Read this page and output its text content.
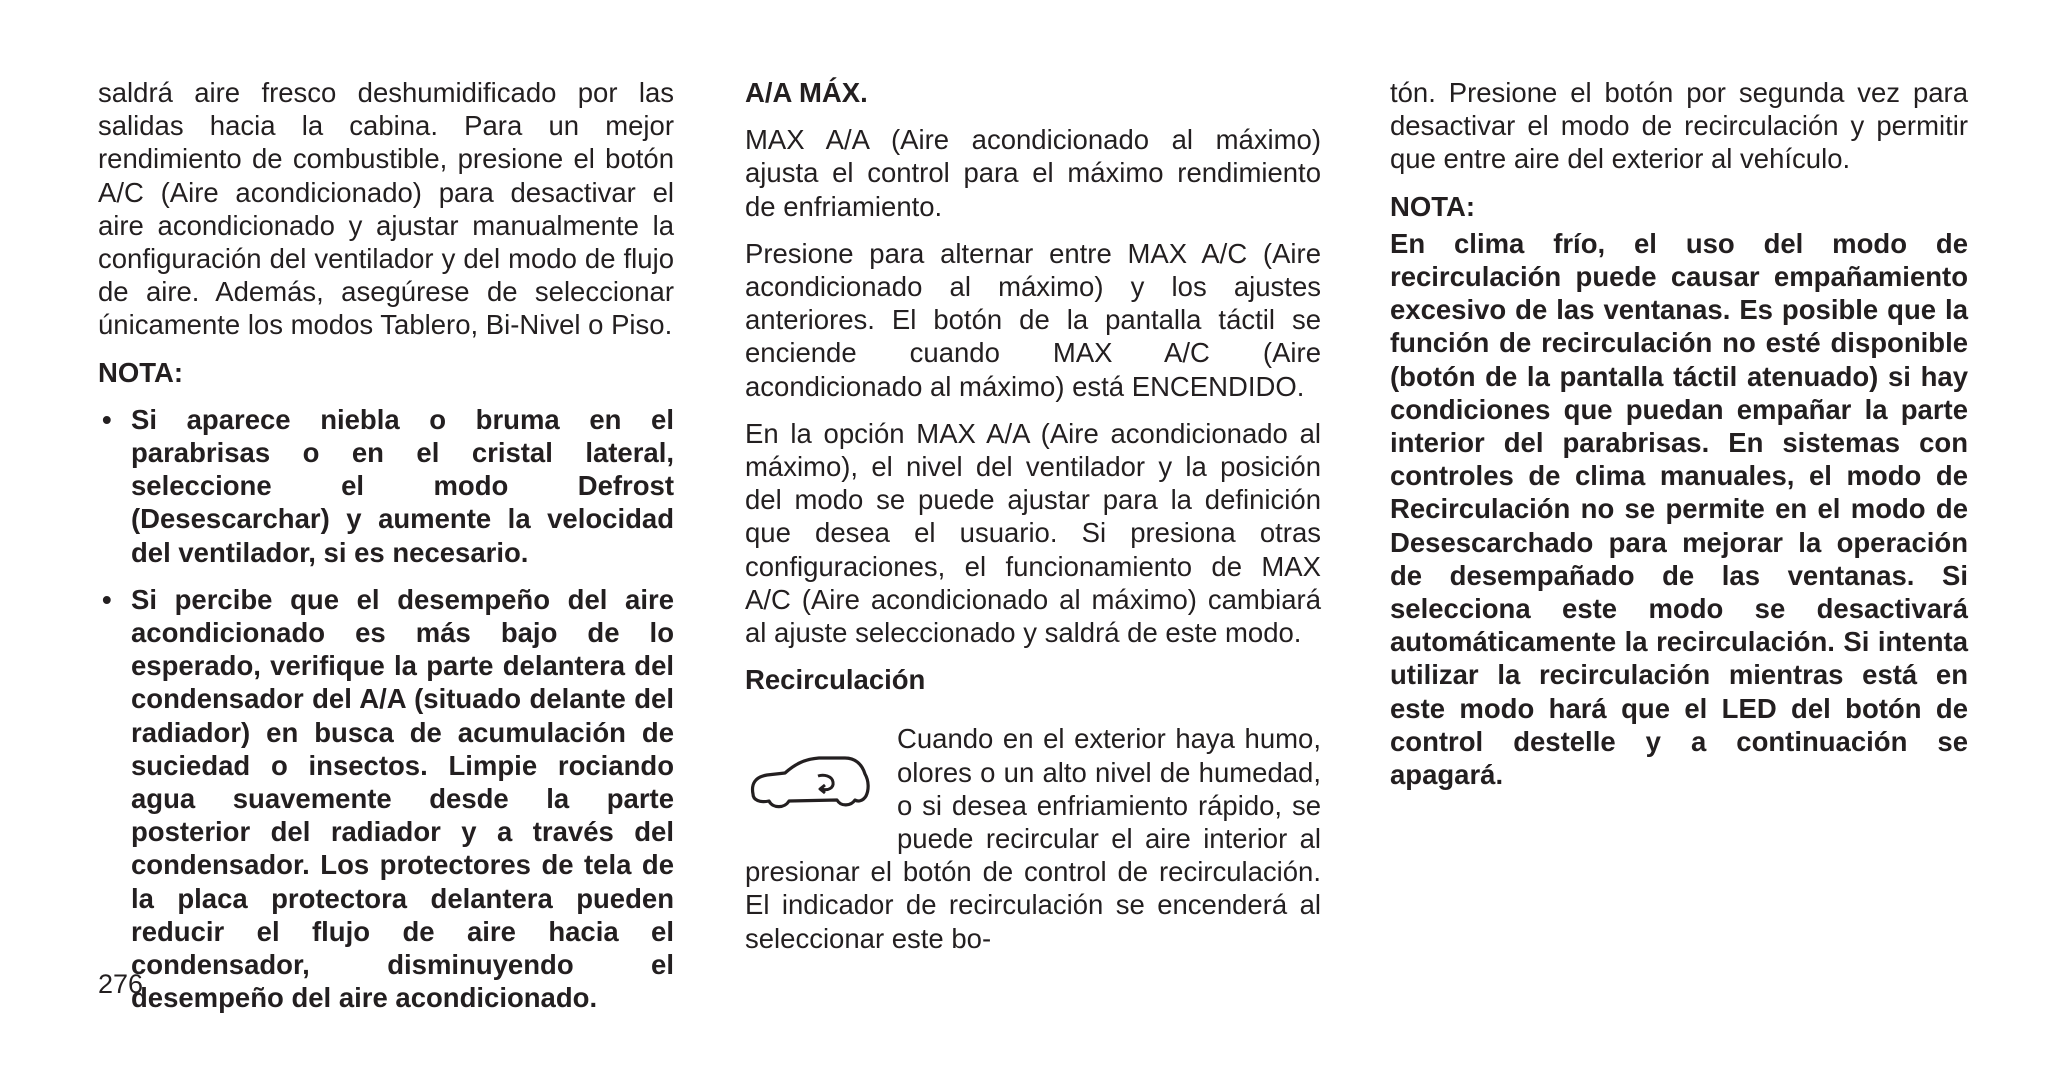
saldrá aire fresco deshumidificado por las salidas hacia la cabina. Para un mejor rendimiento de combustible, presione el botón A/C (Aire acondicionado) para desactivar el aire acondicionado y ajustar manualmente la configuración del ventilador y del modo de flujo de aire. Además, asegúrese de seleccionar únicamente los modos Tablero, Bi-Nivel o Piso.

NOTA:
• Si aparece niebla o bruma en el parabrisas o en el cristal lateral, seleccione el modo Defrost (Desescarchar) y aumente la velocidad del ventilador, si es necesario.
• Si percibe que el desempeño del aire acondicionado es más bajo de lo esperado, verifique la parte delantera del condensador del A/A (situado delante del radiador) en busca de acumulación de suciedad o insectos. Limpie rociando agua suavemente desde la parte posterior del radiador y a través del condensador. Los protectores de tela de la placa protectora delantera pueden reducir el flujo de aire hacia el condensador, disminuyendo el desempeño del aire acondicionado.
A/A MÁX.

MAX A/A (Aire acondicionado al máximo) ajusta el control para el máximo rendimiento de enfriamiento.

Presione para alternar entre MAX A/C (Aire acondicionado al máximo) y los ajustes anteriores. El botón de la pantalla táctil se enciende cuando MAX A/C (Aire acondicionado al máximo) está ENCENDIDO.

En la opción MAX A/A (Aire acondicionado al máximo), el nivel del ventilador y la posición del modo se puede ajustar para la definición que desea el usuario. Si presiona otras configuraciones, el funcionamiento de MAX A/C (Aire acondicionado al máximo) cambiará al ajuste seleccionado y saldrá de este modo.

Recirculación

Cuando en el exterior haya humo, olores o un alto nivel de humedad, o si desea enfriamiento rápido, se puede recircular el aire interior al presionar el botón de control de recirculación. El indicador de recirculación se encenderá al seleccionar este bo-

tón. Presione el botón por segunda vez para desactivar el modo de recirculación y permitir que entre aire del exterior al vehículo.

NOTA:

En clima frío, el uso del modo de recirculación puede causar empañamiento excesivo de las ventanas. Es posible que la función de recirculación no esté disponible (botón de la pantalla táctil atenuado) si hay condiciones que puedan empañar la parte interior del parabrisas. En sistemas con controles de clima manuales, el modo de Recirculación no se permite en el modo de Desescarchado para mejorar la operación de desempañado de las ventanas. Si selecciona este modo se desactivará automáticamente la recirculación. Si intenta utilizar la recirculación mientras está en este modo hará que el LED del botón de control destelle y a continuación se apagará.

276
